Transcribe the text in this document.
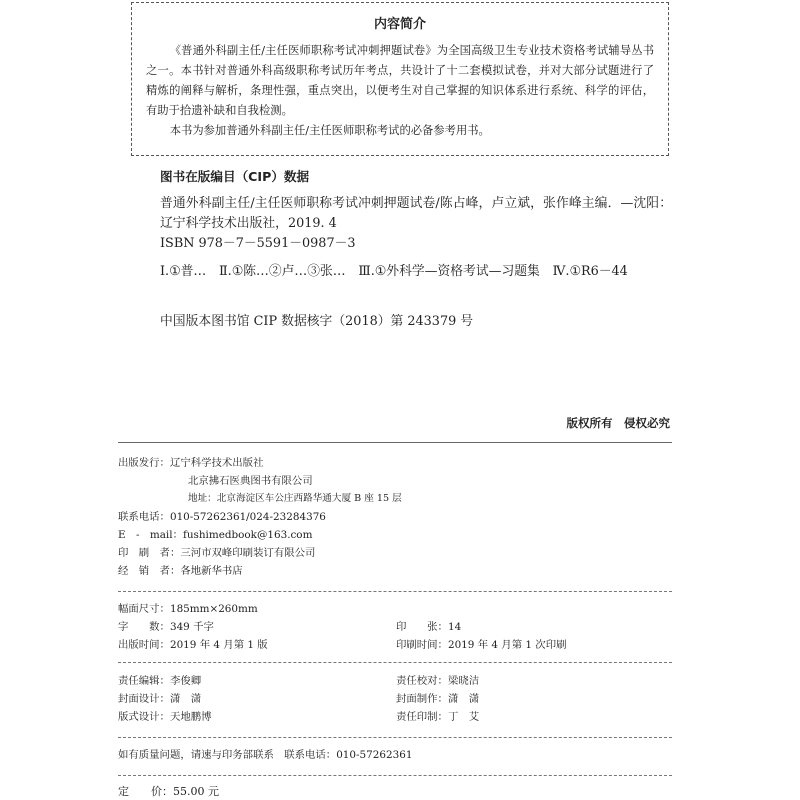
内容简介

《普通外科副主任/主任医师职称考试冲刺押题试卷》为全国高级卫生专业技术资格考试辅导丛书之一。本书针对普通外科高级职称考试历年考点，共设计了十二套模拟试卷，并对大部分试题进行了精炼的阐释与解析，条理性强，重点突出，以便考生对自己掌握的知识体系进行系统、科学的评估，有助于拾遗补缺和自我检测。

本书为参加普通外科副主任/主任医师职称考试的必备参考用书。

图书在版编目（CIP）数据
普通外科副主任/主任医师职称考试冲刺押题试卷/陈占峰，卢立斌，张作峰主编．—沈阳：辽宁科学技术出版社，2019. 4
ISBN 978－7－5591－0987－3
Ⅰ.①普…　Ⅱ.①陈…②卢…③张…　Ⅲ.①外科学—资格考试—习题集　Ⅳ.①R6－44
中国版本图书馆 CIP 数据核字（2018）第 243379 号
版权所有　侵权必究
出版发行：辽宁科学技术出版社
北京拂石医典图书有限公司
地址：北京海淀区车公庄西路华通大厦 B 座 15 层
联系电话：010-57262361/024-23284376
E　-　mail：fushimedbook@163.com
印　刷　者：三河市双峰印刷装订有限公司
经　销　者：各地新华书店
幅面尺寸：185mm×260mm
字　　数：349 千字	印　　张：14
出版时间：2019 年 4 月第 1 版	印刷时间：2019 年 4 月第 1 次印刷
责任编辑：李俊卿	责任校对：梁晓洁
封面设计：潇　潇	封面制作：潇　潇
版式设计：天地鹏博	责任印制：丁　艾
如有质量问题，请速与印务部联系　联系电话：010-57262361
定　　价：55.00 元
